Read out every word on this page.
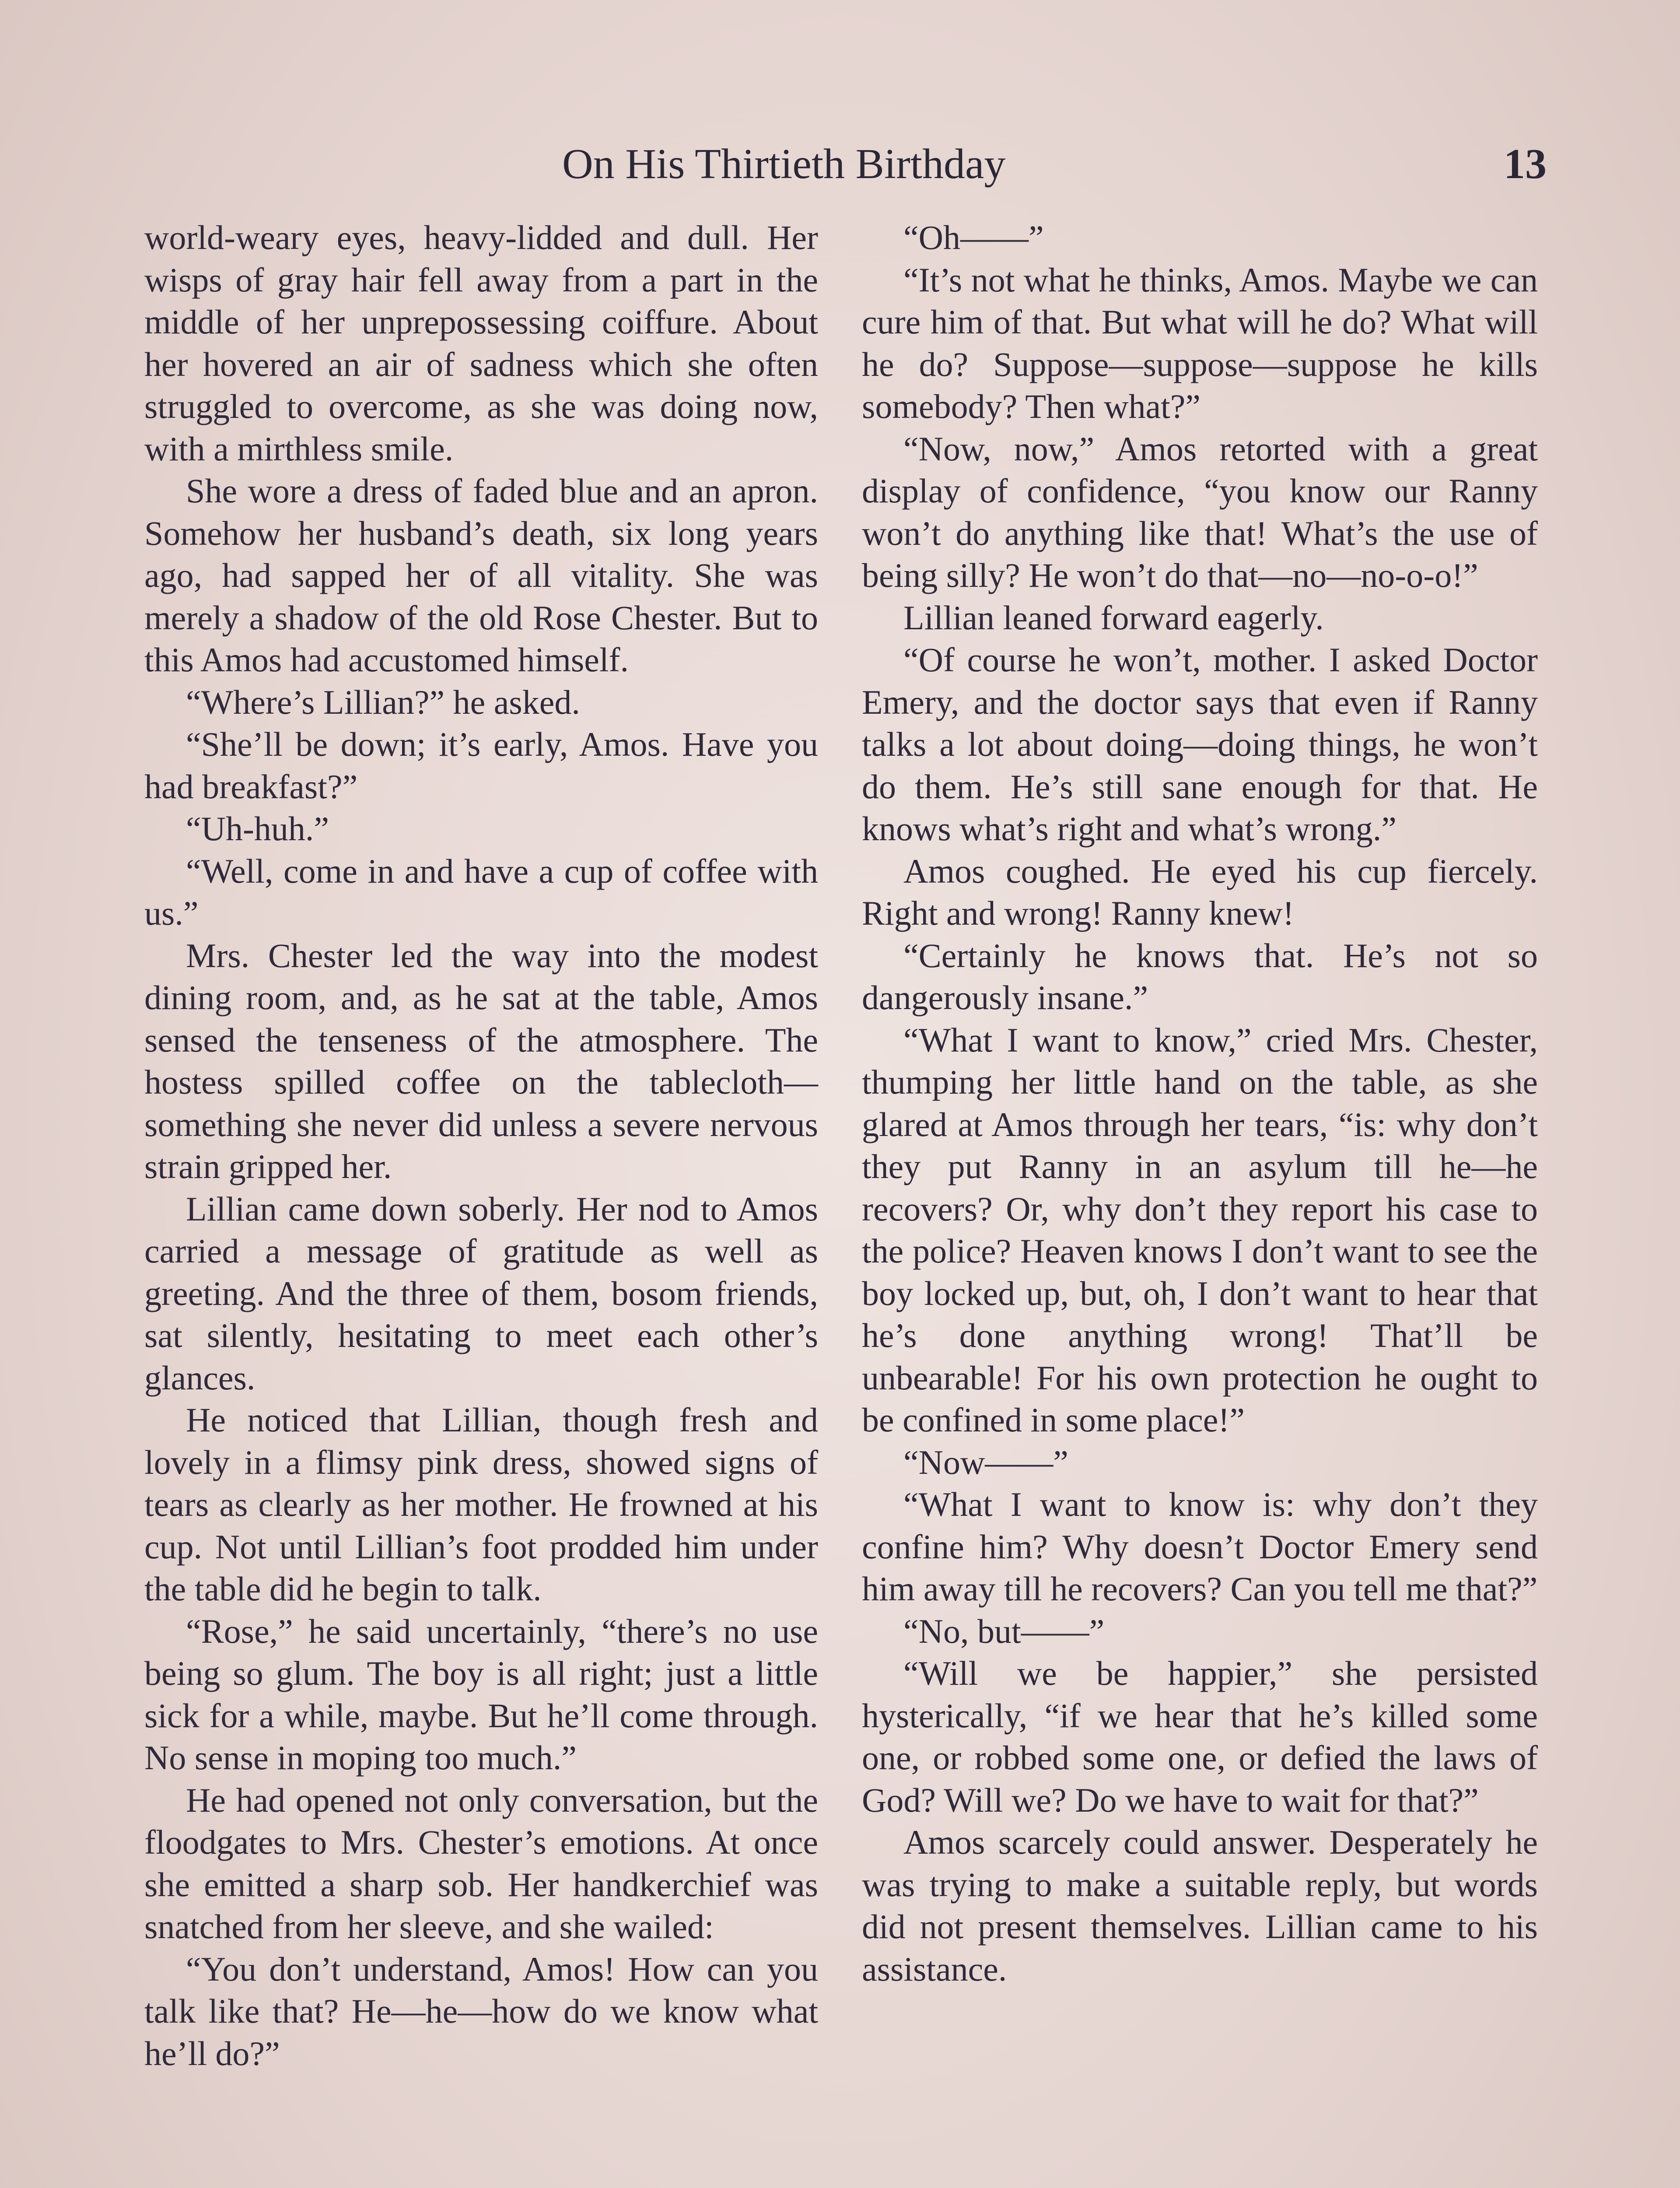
On His Thirtieth Birthday	13

world-weary eyes, heavy-lidded and dull. Her wisps of gray hair fell away from a part in the middle of her unprepossessing coiffure. About her hovered an air of sadness which she often struggled to overcome, as she was doing now, with a mirthless smile.

She wore a dress of faded blue and an apron. Somehow her husband’s death, six long years ago, had sapped her of all vitality. She was merely a shadow of the old Rose Chester. But to this Amos had accustomed himself.

“Where’s Lillian?” he asked.

“She’ll be down; it’s early, Amos. Have you had breakfast?”

“Uh-huh.”

“Well, come in and have a cup of coffee with us.”

Mrs. Chester led the way into the modest dining room, and, as he sat at the table, Amos sensed the tenseness of the atmosphere. The hostess spilled coffee on the tablecloth—something she never did unless a severe nervous strain gripped her.

Lillian came down soberly. Her nod to Amos carried a message of gratitude as well as greeting. And the three of them, bosom friends, sat silently, hesitating to meet each other’s glances.

He noticed that Lillian, though fresh and lovely in a flimsy pink dress, showed signs of tears as clearly as her mother. He frowned at his cup. Not until Lillian’s foot prodded him under the table did he begin to talk.

“Rose,” he said uncertainly, “there’s no use being so glum. The boy is all right; just a little sick for a while, maybe. But he’ll come through. No sense in moping too much.”

He had opened not only conversation, but the floodgates to Mrs. Chester’s emotions. At once she emitted a sharp sob. Her handkerchief was snatched from her sleeve, and she wailed:

“You don’t understand, Amos! How can you talk like that? He—he—how do we know what he’ll do?”

“Oh——”

“It’s not what he thinks, Amos. Maybe we can cure him of that. But what will he do? What will he do? Suppose—suppose—suppose he kills somebody? Then what?”

“Now, now,” Amos retorted with a great display of confidence, “you know our Ranny won’t do anything like that! What’s the use of being silly? He won’t do that—no—no-o-o!”

Lillian leaned forward eagerly.

“Of course he won’t, mother. I asked Doctor Emery, and the doctor says that even if Ranny talks a lot about doing—doing things, he won’t do them. He’s still sane enough for that. He knows what’s right and what’s wrong.”

Amos coughed. He eyed his cup fiercely. Right and wrong! Ranny knew!

“Certainly he knows that. He’s not so dangerously insane.”

“What I want to know,” cried Mrs. Chester, thumping her little hand on the table, as she glared at Amos through her tears, “is: why don’t they put Ranny in an asylum till he—he recovers? Or, why don’t they report his case to the police? Heaven knows I don’t want to see the boy locked up, but, oh, I don’t want to hear that he’s done anything wrong! That’ll be unbearable! For his own protection he ought to be confined in some place!”

“Now——”

“What I want to know is: why don’t they confine him? Why doesn’t Doctor Emery send him away till he recovers? Can you tell me that?”

“No, but——”

“Will we be happier,” she persisted hysterically, “if we hear that he’s killed some one, or robbed some one, or defied the laws of God? Will we? Do we have to wait for that?”

Amos scarcely could answer. Desperately he was trying to make a suitable reply, but words did not present themselves. Lillian came to his assistance.
